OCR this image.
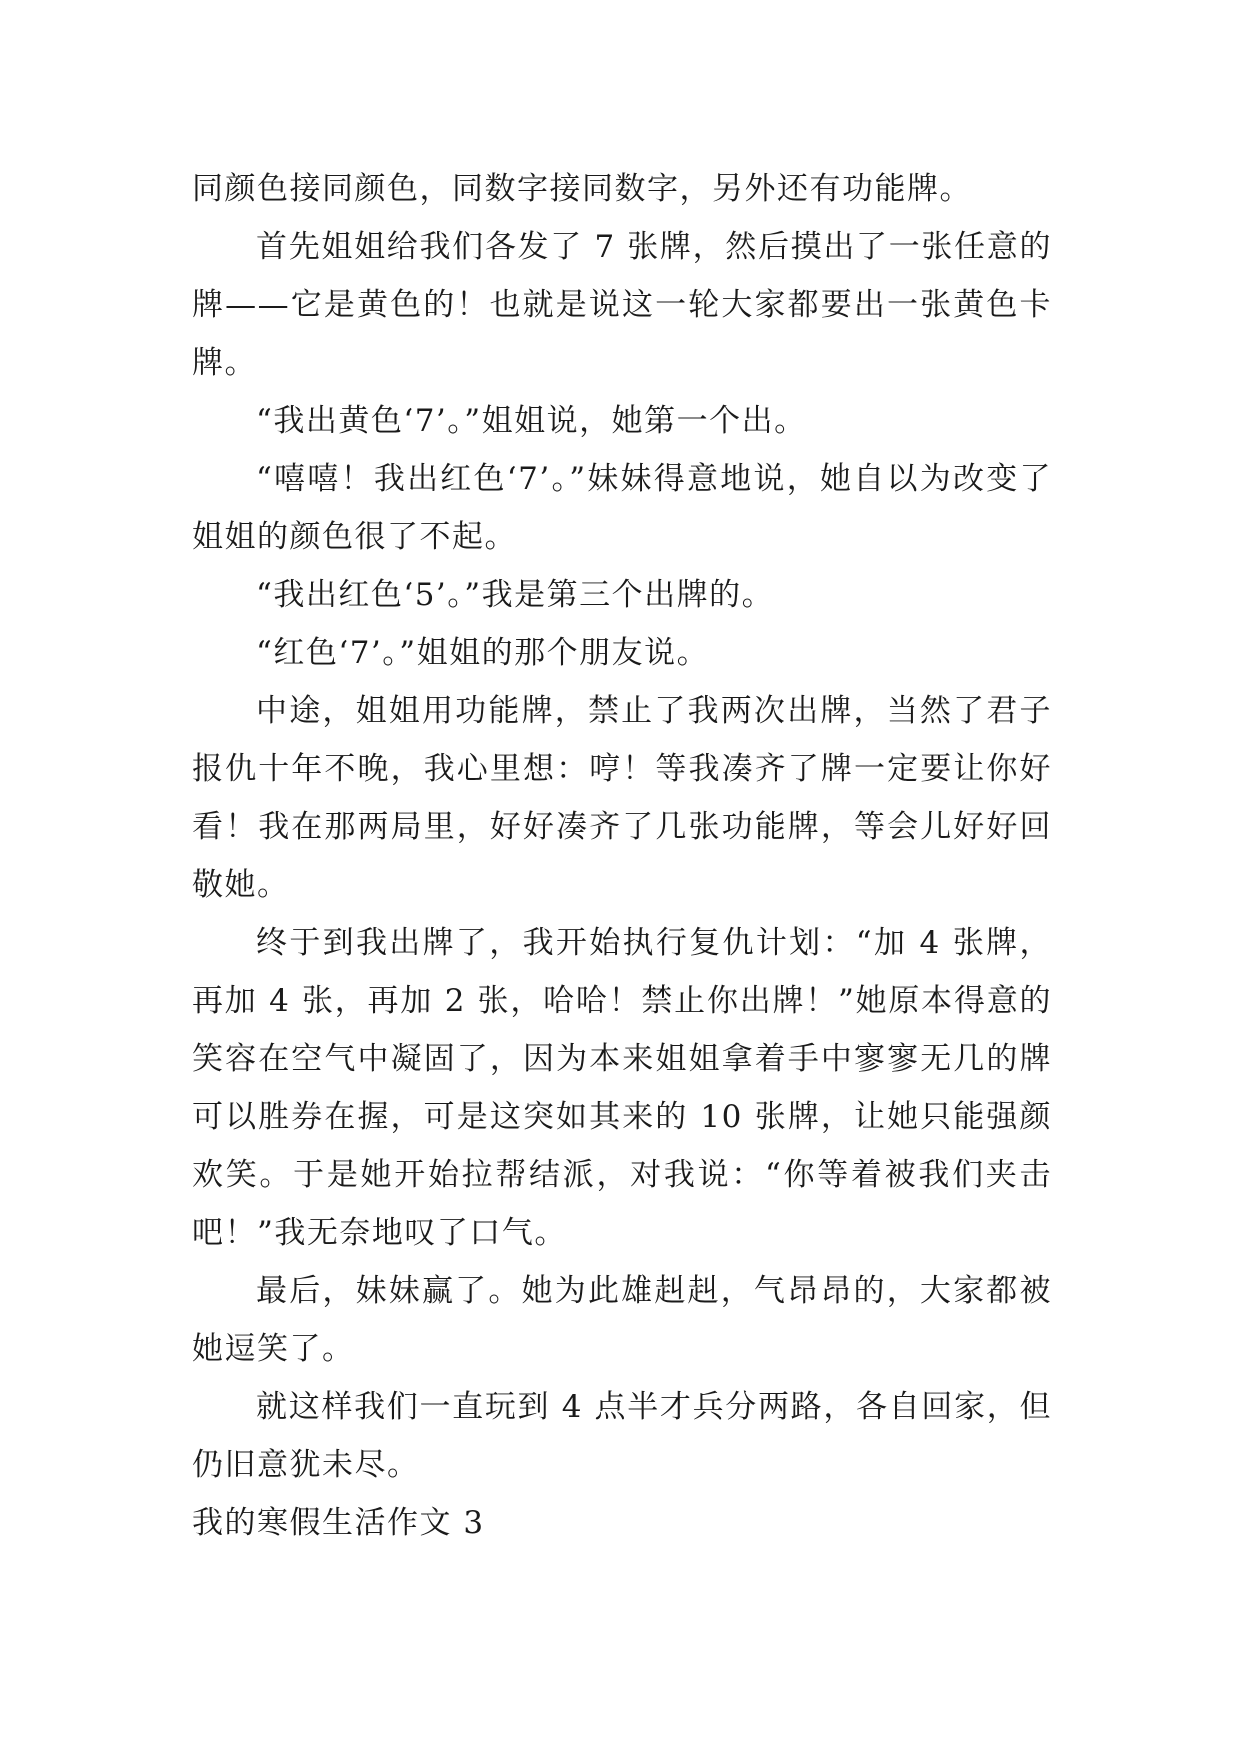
同颜色接同颜色，同数字接同数字，另外还有功能牌。

首先姐姐给我们各发了 7 张牌，然后摸出了一张任意的牌——它是黄色的！也就是说这一轮大家都要出一张黄色卡牌。

“我出黄色‘7’。”姐姐说，她第一个出。

“嘻嘻！我出红色‘7’。”妹妹得意地说，她自以为改变了姐姐的颜色很了不起。

“我出红色‘5’。”我是第三个出牌的。

“红色‘7’。”姐姐的那个朋友说。

中途，姐姐用功能牌，禁止了我两次出牌，当然了君子报仇十年不晚，我心里想：哼！等我凑齐了牌一定要让你好看！我在那两局里，好好凑齐了几张功能牌，等会儿好好回敬她。

终于到我出牌了，我开始执行复仇计划：“加 4 张牌，再加 4 张，再加 2 张，哈哈！禁止你出牌！”她原本得意的笑容在空气中凝固了，因为本来姐姐拿着手中寥寥无几的牌可以胜券在握，可是这突如其来的 10 张牌，让她只能强颜欢笑。于是她开始拉帮结派，对我说：“你等着被我们夹击吧！”我无奈地叹了口气。

最后，妹妹赢了。她为此雄赳赳，气昂昂的，大家都被她逗笑了。

就这样我们一直玩到 4 点半才兵分两路，各自回家，但仍旧意犹未尽。

我的寒假生活作文 3
